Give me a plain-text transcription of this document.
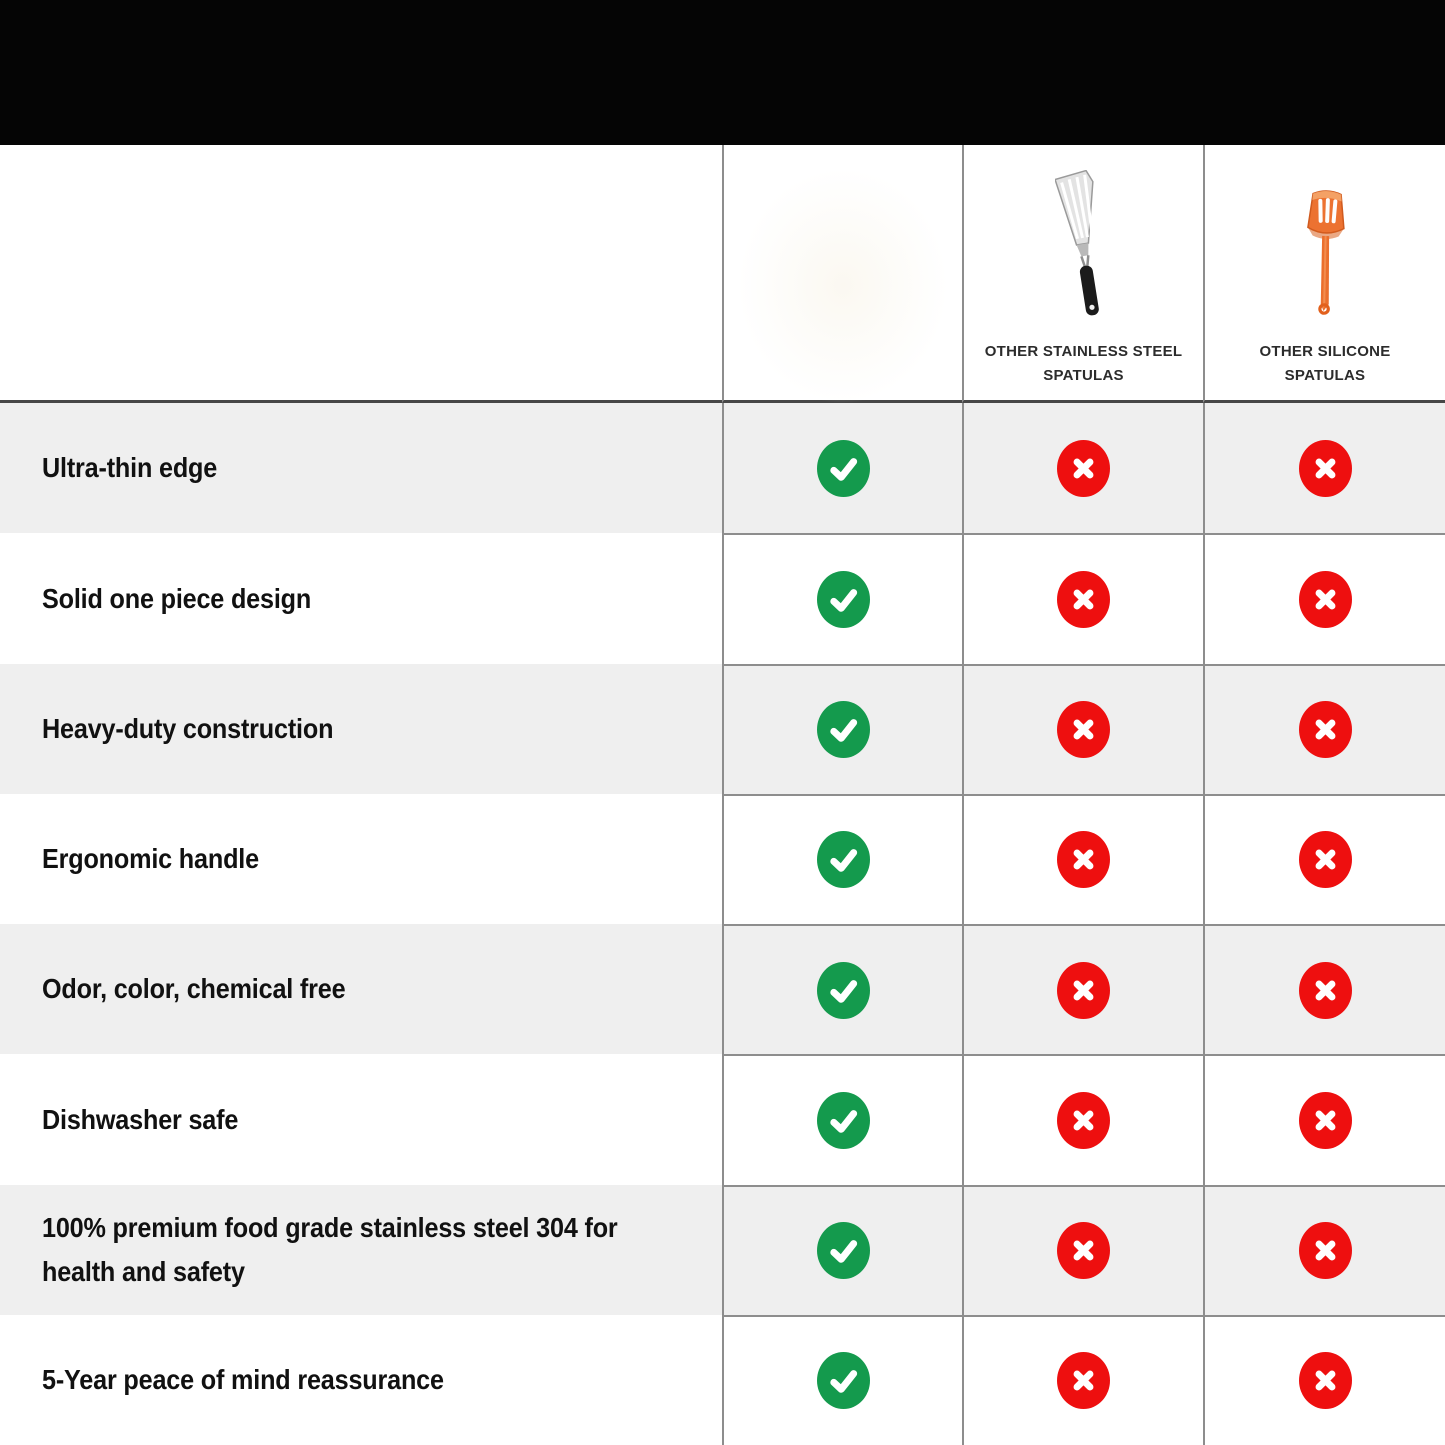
OTHER STAINLESS STEEL
SPATULAS
OTHER SILICONE
SPATULAS
Ultra-thin edge
Solid one piece design
Heavy-duty construction
Ergonomic handle
Odor, color, chemical free
Dishwasher safe
100% premium food grade stainless steel 304 for health and safety
5-Year peace of mind reassurance
